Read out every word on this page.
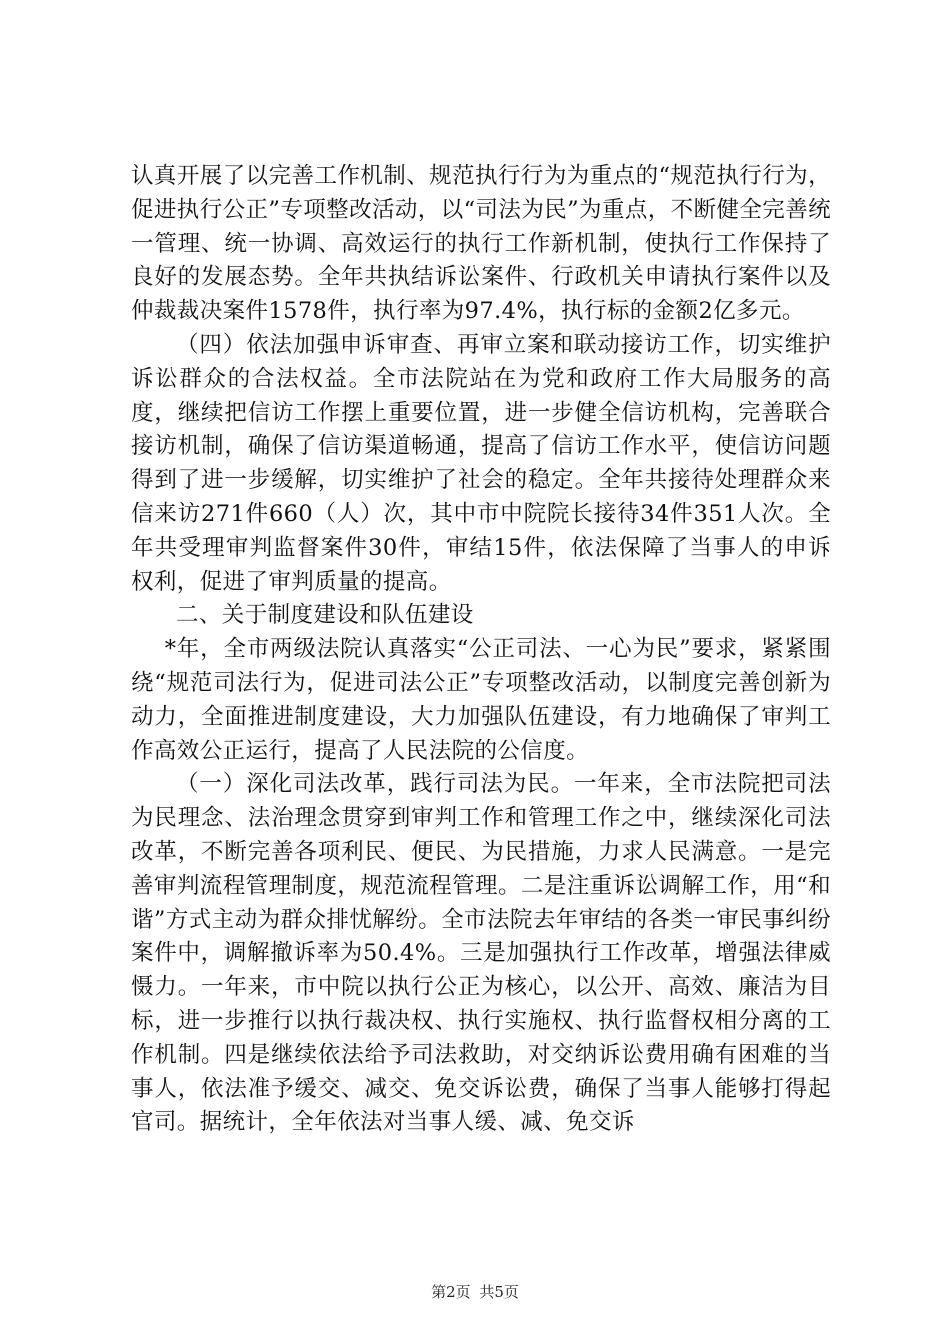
认真开展了以完善工作机制、规范执行行为为重点的“规范执行行为，促进执行公正”专项整改活动，以“司法为民”为重点，不断健全完善统一管理、统一协调、高效运行的执行工作新机制，使执行工作保持了良好的发展态势。全年共执结诉讼案件、行政机关申请执行案件以及仲裁裁决案件1578件，执行率为97.4%，执行标的金额2亿多元。

（四）依法加强申诉审查、再审立案和联动接访工作，切实维护诉讼群众的合法权益。全市法院站在为党和政府工作大局服务的高度，继续把信访工作摆上重要位置，进一步健全信访机构，完善联合接访机制，确保了信访渠道畅通，提高了信访工作水平，使信访问题得到了进一步缓解，切实维护了社会的稳定。全年共接待处理群众来信来访271件660（人）次，其中市中院院长接待34件351人次。全年共受理审判监督案件30件，审结15件，依法保障了当事人的申诉权利，促进了审判质量的提高。

二、关于制度建设和队伍建设

*年，全市两级法院认真落实“公正司法、一心为民”要求，紧紧围绕“规范司法行为，促进司法公正”专项整改活动，以制度完善创新为动力，全面推进制度建设，大力加强队伍建设，有力地确保了审判工作高效公正运行，提高了人民法院的公信度。

（一）深化司法改革，践行司法为民。一年来，全市法院把司法为民理念、法治理念贯穿到审判工作和管理工作之中，继续深化司法改革，不断完善各项利民、便民、为民措施，力求人民满意。一是完善审判流程管理制度，规范流程管理。二是注重诉讼调解工作，用“和谐”方式主动为群众排忧解纷。全市法院去年审结的各类一审民事纠纷案件中，调解撤诉率为50.4%。三是加强执行工作改革，增强法律威慑力。一年来，市中院以执行公正为核心，以公开、高效、廉洁为目标，进一步推行以执行裁决权、执行实施权、执行监督权相分离的工作机制。四是继续依法给予司法救助，对交纳诉讼费用确有困难的当事人，依法准予缓交、减交、免交诉讼费，确保了当事人能够打得起官司。据统计，全年依法对当事人缓、减、免交诉

第2页 共5页
